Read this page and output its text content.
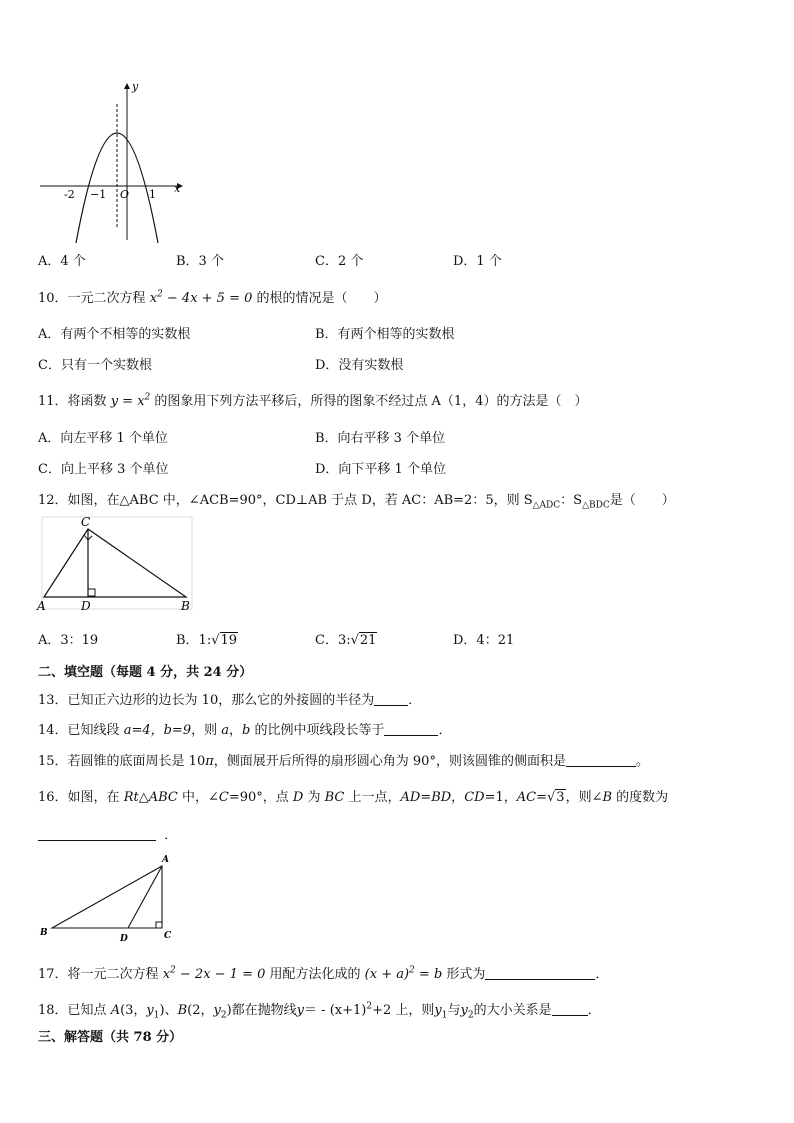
y
x
O
-2 −1	1
A．4 个	B．3 个	C．2 个	D．1 个
10．一元二次方程 $x^2 - 4x + 5 = 0$ 的根的情况是（　　）
A．有两个不相等的实数根	B．有两个相等的实数根
C．只有一个实数根	D．没有实数根
11．将函数 $y = x^2$ 的图象用下列方法平移后，所得的图象不经过点 A（1，4）的方法是（　）
A．向左平移 1 个单位	B．向右平移 3 个单位
C．向上平移 3 个单位	D．向下平移 1 个单位
12．如图，在△ABC 中，∠ACB=90°，CD⊥AB 于点 D，若 AC：AB=2：5，则 $S_{\triangle ADC}$：$S_{\triangle BDC}$是（　　）
C
A	D	B
A．3：19	B．1:√19	C．3:√21	D．4：21
二、填空题（每题 4 分，共 24 分）
13．已知正六边形的边长为 10，那么它的外接圆的半径为	．
14．已知线段 a=4，b=9，则 a，b 的比例中项线段长等于	．
15．若圆锥的底面周长是 10π，侧面展开后所得的扇形圆心角为 90°，则该圆锥的侧面积是	。
16．如图，在 Rt△ABC 中，∠C=90°，点 D 为 BC 上一点，AD=BD，CD=1，AC=√3，则∠B 的度数为
．
A
B
D	C
17．将一元二次方程 $x^2 - 2x - 1 = 0$ 用配方法化成的 $(x + a)^2 = b$ 形式为	．
18．已知点 A(3，$y_1$)、B(2，$y_2$)都在抛物线$y= - (x+1)^2+2$ 上，则$y_1$与$y_2$的大小关系是	．
三、解答题（共 78 分）
